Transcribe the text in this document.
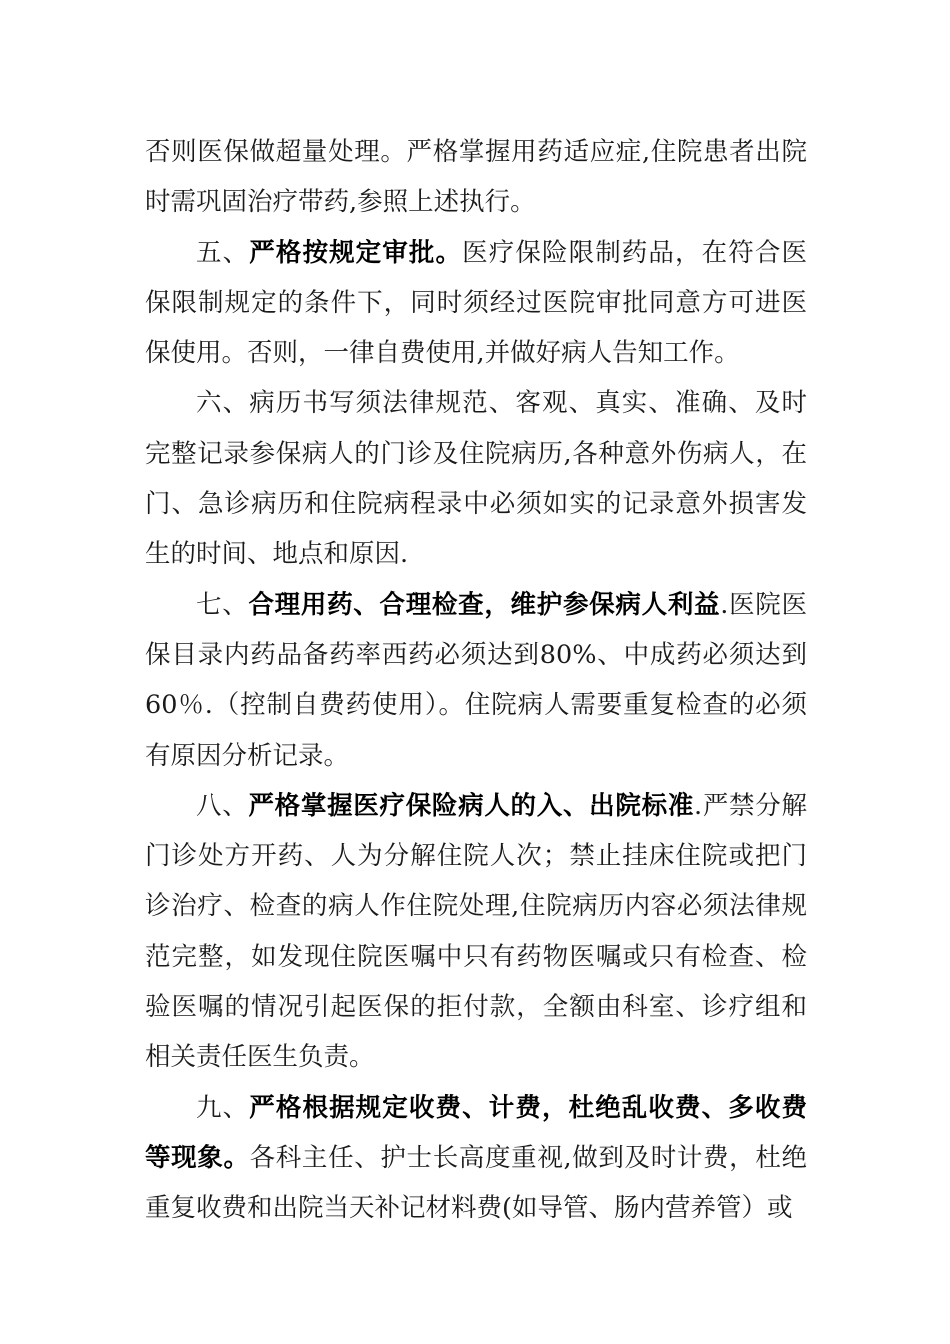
否则医保做超量处理。严格掌握用药适应症,住院患者出院时需巩固治疗带药,参照上述执行。

五、严格按规定审批。医疗保险限制药品，在符合医保限制规定的条件下，同时须经过医院审批同意方可进医保使用。否则，一律自费使用,并做好病人告知工作。

六、病历书写须法律规范、客观、真实、准确、及时完整记录参保病人的门诊及住院病历,各种意外伤病人，在门、急诊病历和住院病程录中必须如实的记录意外损害发生的时间、地点和原因.

七、合理用药、合理检查，维护参保病人利益.医院医保目录内药品备药率西药必须达到80%、中成药必须达到60％.（控制自费药使用）。住院病人需要重复检查的必须有原因分析记录。

八、严格掌握医疗保险病人的入、出院标准.严禁分解门诊处方开药、人为分解住院人次；禁止挂床住院或把门诊治疗、检查的病人作住院处理,住院病历内容必须法律规范完整，如发现住院医嘱中只有药物医嘱或只有检查、检验医嘱的情况引起医保的拒付款，全额由科室、诊疗组和相关责任医生负责。

九、严格根据规定收费、计费，杜绝乱收费、多收费等现象。各科主任、护士长高度重视,做到及时计费，杜绝重复收费和出院当天补记材料费(如导管、肠内营养管）或
